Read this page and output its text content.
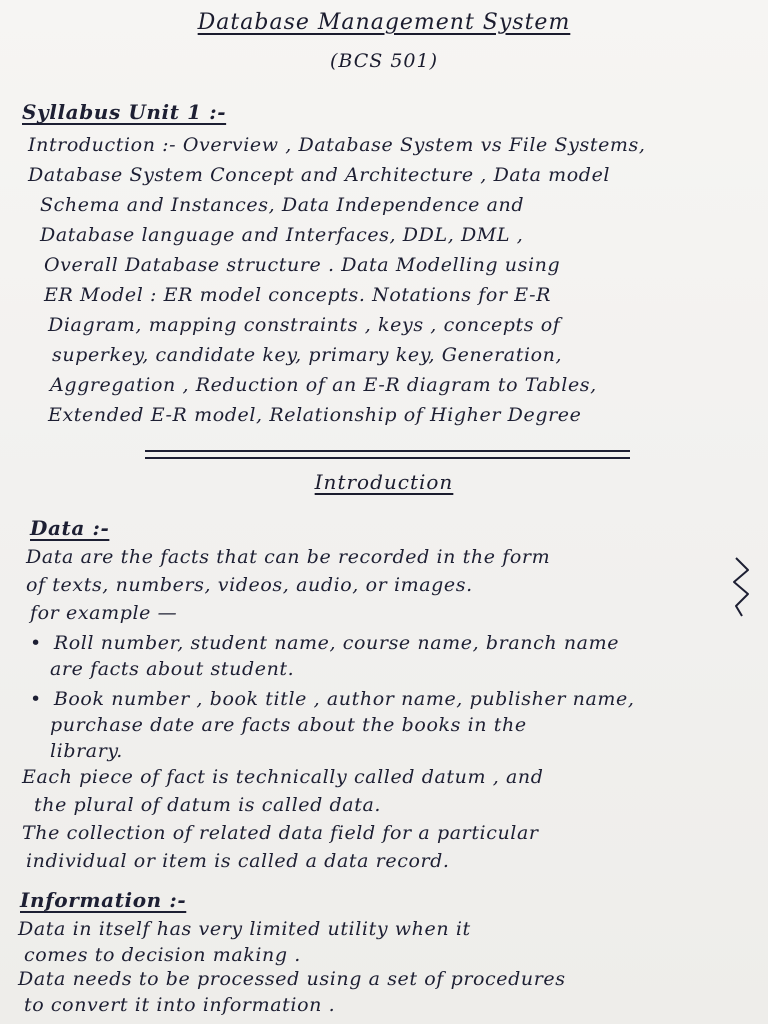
Database Management System
(BCS 501)
Syllabus Unit 1 :-
Introduction :- Overview , Database System vs File Systems,
Database System Concept and Architecture , Data model
Schema and Instances, Data Independence and
Database language and Interfaces, DDL, DML ,
Overall Database structure . Data Modelling using
ER Model : ER model concepts. Notations for E-R
Diagram, mapping constraints , keys , concepts of
superkey, candidate key, primary key, Generation,
Aggregation , Reduction of an E-R diagram to Tables,
Extended E-R model, Relationship of Higher Degree
Introduction
Data :-
Data are the facts that can be recorded in the form
of texts, numbers, videos, audio, or images.
for example —
• Roll number, student name, course name, branch name
are facts about student.
• Book number , book title , author name, publisher name,
purchase date are facts about the books in the
library.
Each piece of fact is technically called datum , and
the plural of datum is called data.
The collection of related data field for a particular
individual or item is called a data record.
Information :-
Data in itself has very limited utility when it
comes to decision making .
Data needs to be processed using a set of procedures
to convert it into information .
